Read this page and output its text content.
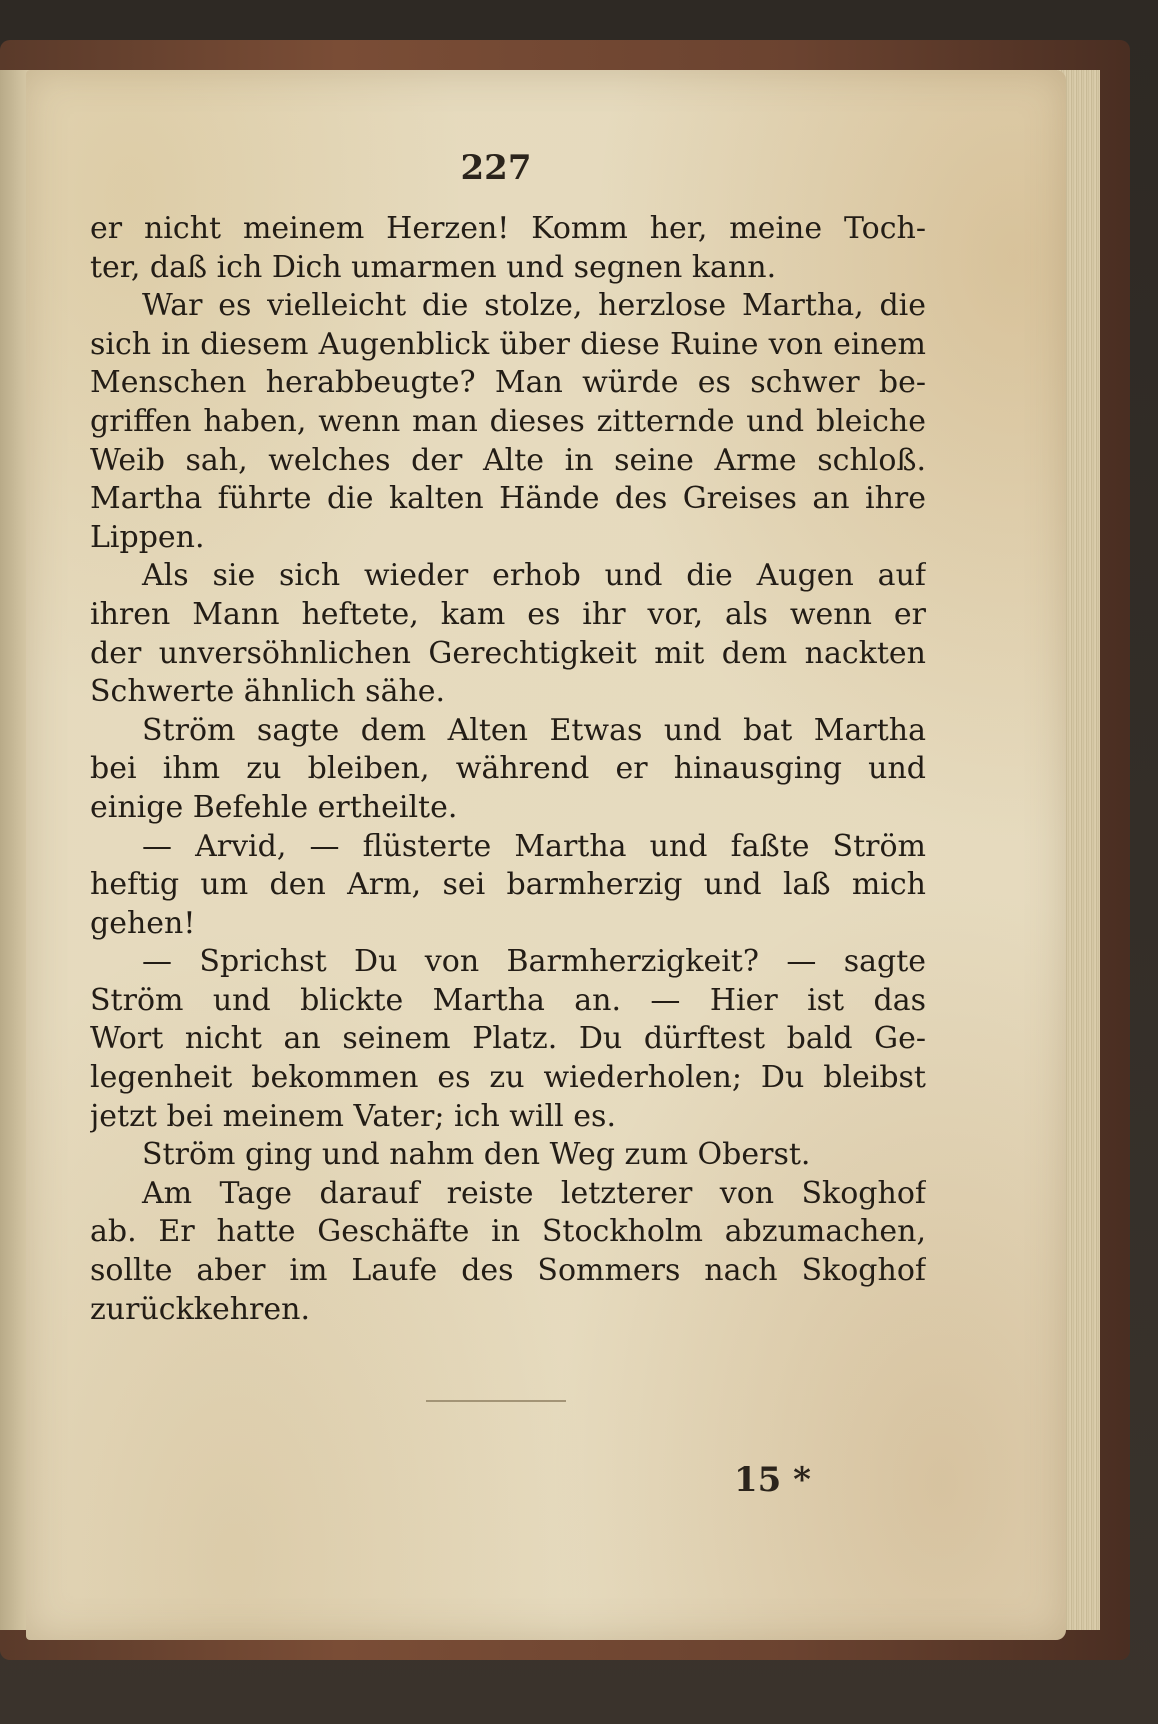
227
er nicht meinem Herzen! Komm her, meine Toch-
ter, daß ich Dich umarmen und segnen kann.
War es vielleicht die stolze, herzlose Martha, die
sich in diesem Augenblick über diese Ruine von einem
Menschen herabbeugte? Man würde es schwer be-
griffen haben, wenn man dieses zitternde und bleiche
Weib sah, welches der Alte in seine Arme schloß.
Martha führte die kalten Hände des Greises an ihre
Lippen.
Als sie sich wieder erhob und die Augen auf
ihren Mann heftete, kam es ihr vor, als wenn er
der unversöhnlichen Gerechtigkeit mit dem nackten
Schwerte ähnlich sähe.
Ström sagte dem Alten Etwas und bat Martha
bei ihm zu bleiben, während er hinausging und
einige Befehle ertheilte.
— Arvid, — flüsterte Martha und faßte Ström
heftig um den Arm, sei barmherzig und laß mich
gehen!
— Sprichst Du von Barmherzigkeit? — sagte
Ström und blickte Martha an. — Hier ist das
Wort nicht an seinem Platz. Du dürftest bald Ge-
legenheit bekommen es zu wiederholen; Du bleibst
jetzt bei meinem Vater; ich will es.
Ström ging und nahm den Weg zum Oberst.
Am Tage darauf reiste letzterer von Skoghof
ab. Er hatte Geschäfte in Stockholm abzumachen,
sollte aber im Laufe des Sommers nach Skoghof
zurückkehren.
15 *
